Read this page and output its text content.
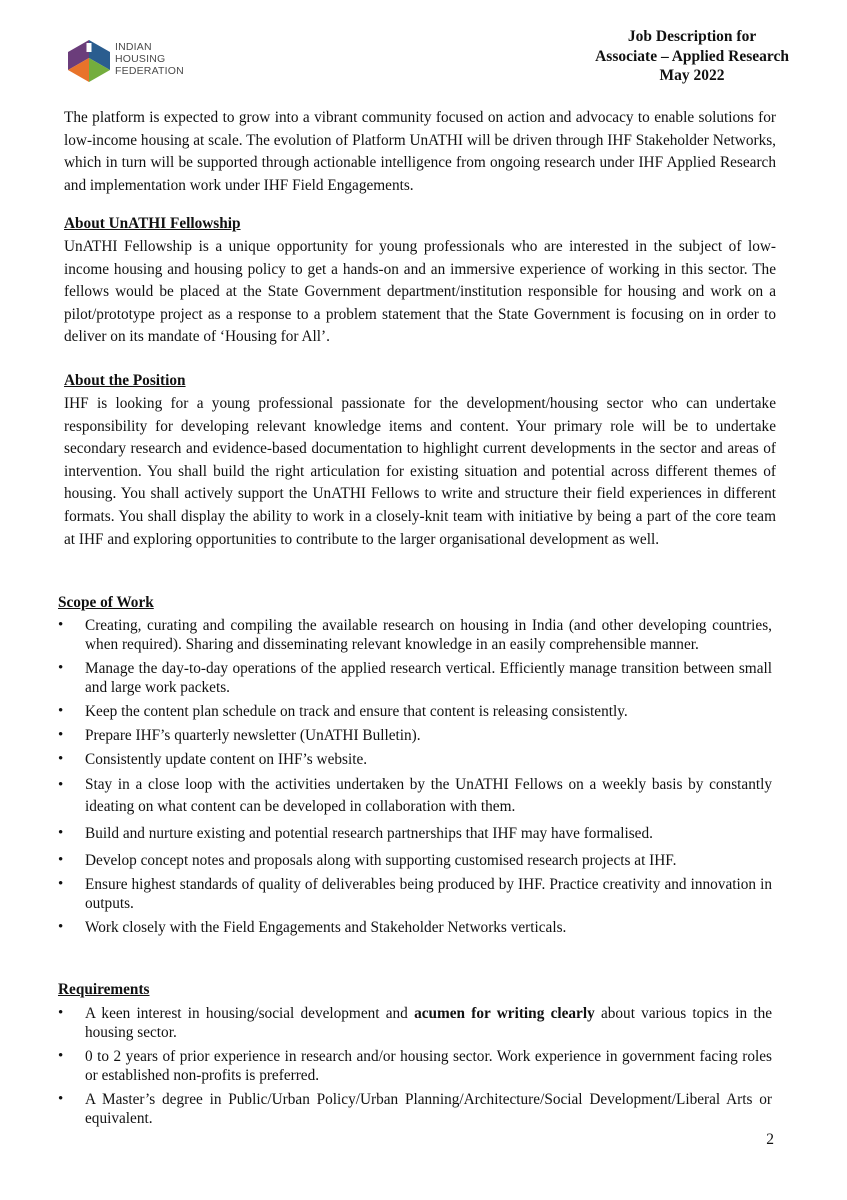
INDIAN
HOUSING
FEDERATION
Job Description for
Associate – Applied Research
May 2022

The platform is expected to grow into a vibrant community focused on action and advocacy to enable solutions for low-income housing at scale. The evolution of Platform UnATHI will be driven through IHF Stakeholder Networks, which in turn will be supported through actionable intelligence from ongoing research under IHF Applied Research and implementation work under IHF Field Engagements.

About UnATHI Fellowship

UnATHI Fellowship is a unique opportunity for young professionals who are interested in the subject of low-income housing and housing policy to get a hands-on and an immersive experience of working in this sector. The fellows would be placed at the State Government department/institution responsible for housing and work on a pilot/prototype project as a response to a problem statement that the State Government is focusing on in order to deliver on its mandate of ‘Housing for All’.

About the Position

IHF is looking for a young professional passionate for the development/housing sector who can undertake responsibility for developing relevant knowledge items and content. Your primary role will be to undertake secondary research and evidence-based documentation to highlight current developments in the sector and areas of intervention. You shall build the right articulation for existing situation and potential across different themes of housing. You shall actively support the UnATHI Fellows to write and structure their field experiences in different formats. You shall display the ability to work in a closely-knit team with initiative by being a part of the core team at IHF and exploring opportunities to contribute to the larger organisational development as well.

Scope of Work

• Creating, curating and compiling the available research on housing in India (and other developing countries, when required). Sharing and disseminating relevant knowledge in an easily comprehensible manner.
• Manage the day-to-day operations of the applied research vertical. Efficiently manage transition between small and large work packets.
• Keep the content plan schedule on track and ensure that content is releasing consistently.
• Prepare IHF’s quarterly newsletter (UnATHI Bulletin).
• Consistently update content on IHF’s website.
• Stay in a close loop with the activities undertaken by the UnATHI Fellows on a weekly basis by constantly ideating on what content can be developed in collaboration with them.
• Build and nurture existing and potential research partnerships that IHF may have formalised.
• Develop concept notes and proposals along with supporting customised research projects at IHF.
• Ensure highest standards of quality of deliverables being produced by IHF. Practice creativity and innovation in outputs.
• Work closely with the Field Engagements and Stakeholder Networks verticals.

Requirements

• A keen interest in housing/social development and acumen for writing clearly about various topics in the housing sector.
• 0 to 2 years of prior experience in research and/or housing sector. Work experience in government facing roles or established non-profits is preferred.
• A Master’s degree in Public/Urban Policy/Urban Planning/Architecture/Social Development/Liberal Arts or equivalent.
2
